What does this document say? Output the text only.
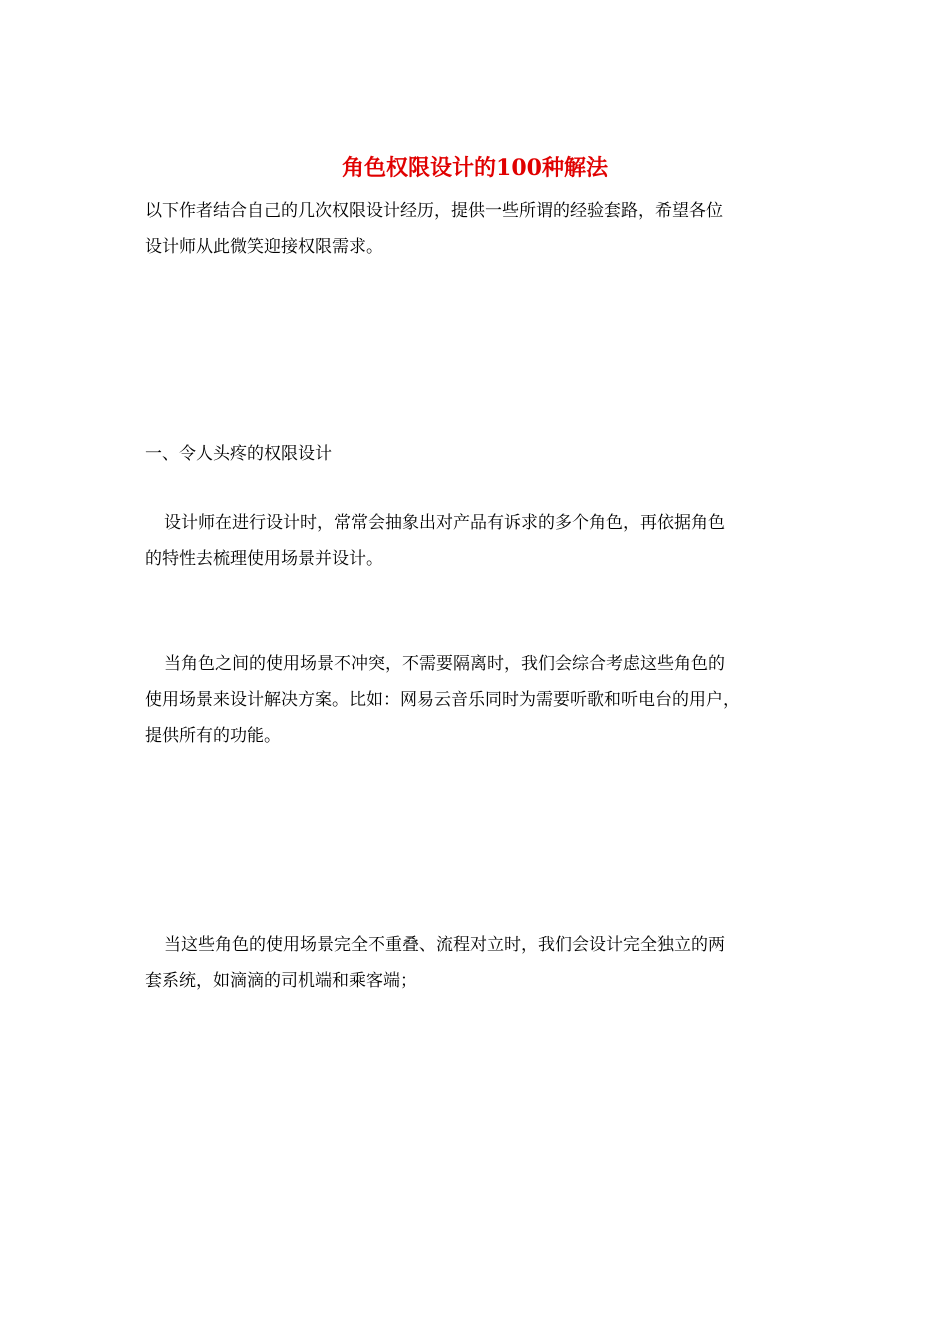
角色权限设计的100种解法
以下作者结合自己的几次权限设计经历，提供一些所谓的经验套路，希望各位
设计师从此微笑迎接权限需求。
一、令人头疼的权限设计
设计师在进行设计时，常常会抽象出对产品有诉求的多个角色，再依据角色
的特性去梳理使用场景并设计。
当角色之间的使用场景不冲突，不需要隔离时，我们会综合考虑这些角色的
使用场景来设计解决方案。比如：网易云音乐同时为需要听歌和听电台的用户，
提供所有的功能。
当这些角色的使用场景完全不重叠、流程对立时，我们会设计完全独立的两
套系统，如滴滴的司机端和乘客端；
